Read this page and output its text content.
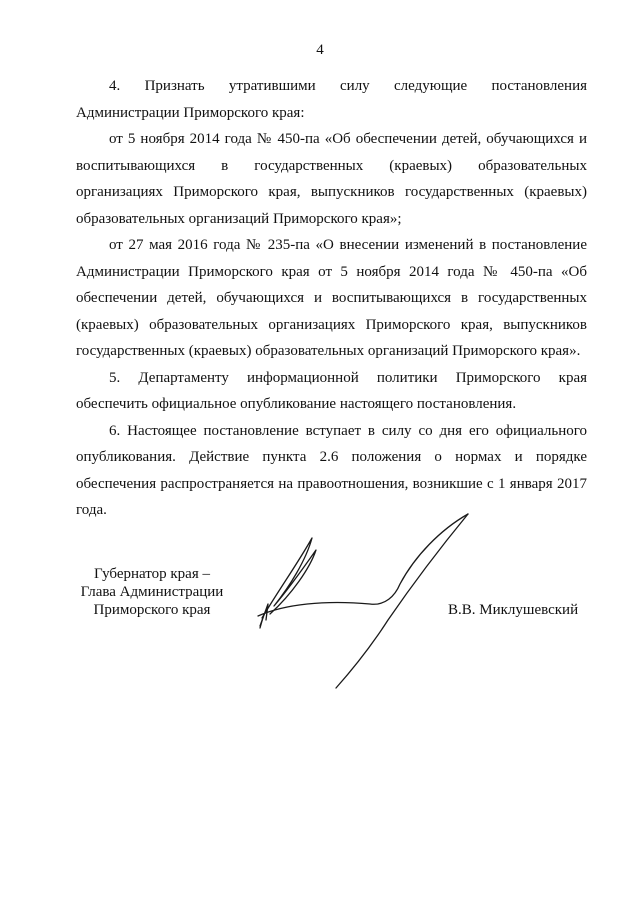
4

4. Признать утратившими силу следующие постановления Администрации Приморского края:

от 5 ноября 2014 года № 450-па «Об обеспечении детей, обучающихся и воспитывающихся в государственных (краевых) образовательных организациях Приморского края, выпускников государственных (краевых) образовательных организаций Приморского края»;

от 27 мая 2016 года № 235-па «О внесении изменений в постановление Администрации Приморского края от 5 ноября 2014 года № 450-па «Об обеспечении детей, обучающихся и воспитывающихся в государственных (краевых) образовательных организациях Приморского края, выпускников государственных (краевых) образовательных организаций Приморского края».

5. Департаменту информационной политики Приморского края обеспечить официальное опубликование настоящего постановления.

6. Настоящее постановление вступает в силу со дня его официального опубликования. Действие пункта 2.6 положения о нормах и порядке обеспечения распространяется на правоотношения, возникшие с 1 января 2017 года.

Губернатор края –
Глава Администрации
Приморского края	В.В. Миклушевский
